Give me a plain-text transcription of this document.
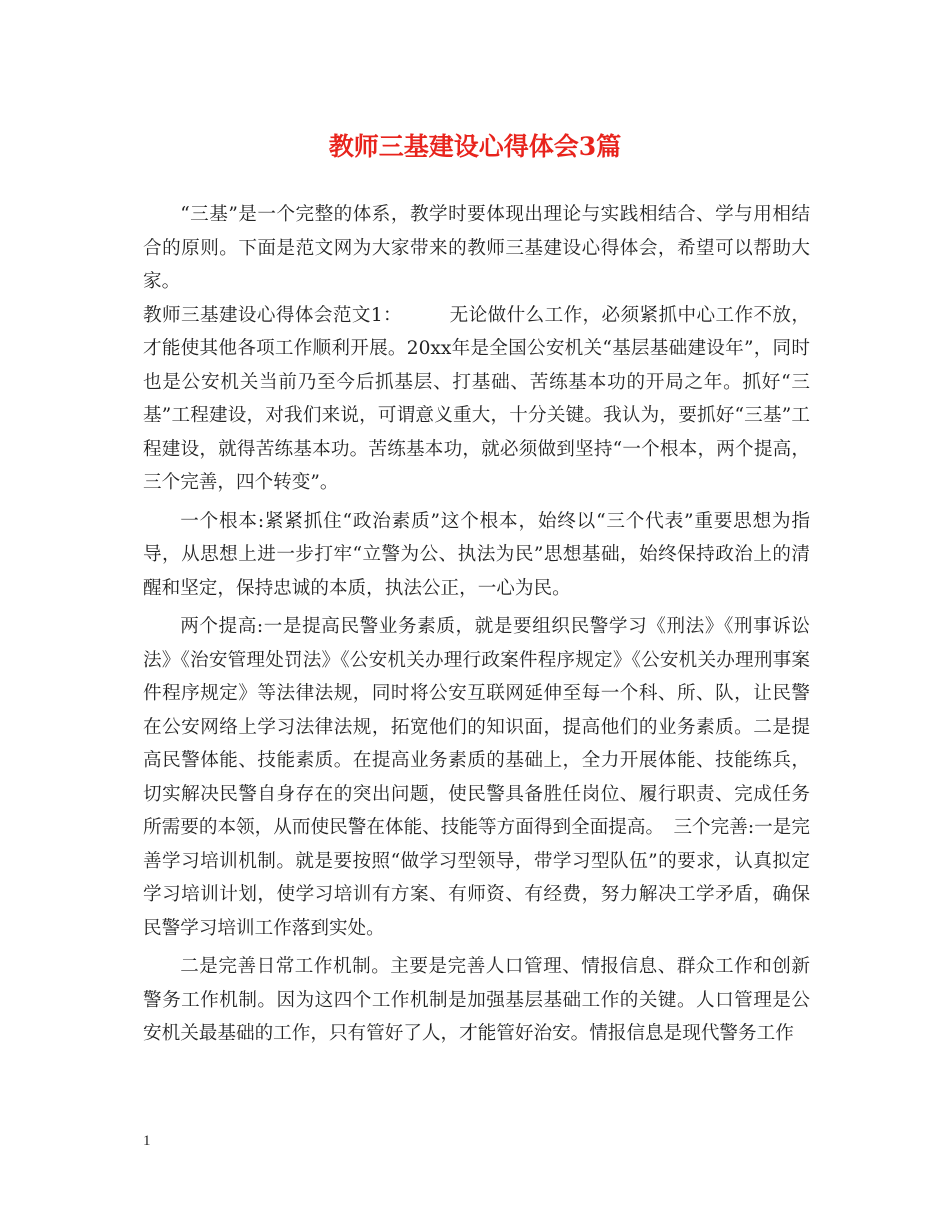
教师三基建设心得体会3篇

“三基”是一个完整的体系，教学时要体现出理论与实践相结合、学与用相结合的原则。下面是范文网为大家带来的教师三基建设心得体会，希望可以帮助大家。

教师三基建设心得体会范文1：　　　无论做什么工作，必须紧抓中心工作不放，才能使其他各项工作顺利开展。20xx年是全国公安机关“基层基础建设年”，同时也是公安机关当前乃至今后抓基层、打基础、苦练基本功的开局之年。抓好“三基”工程建设，对我们来说，可谓意义重大，十分关键。我认为，要抓好“三基”工程建设，就得苦练基本功。苦练基本功，就必须做到坚持“一个根本，两个提高，三个完善，四个转变”。

一个根本:紧紧抓住“政治素质”这个根本，始终以“三个代表”重要思想为指导，从思想上进一步打牢“立警为公、执法为民”思想基础，始终保持政治上的清醒和坚定，保持忠诚的本质，执法公正，一心为民。

两个提高:一是提高民警业务素质，就是要组织民警学习《刑法》《刑事诉讼法》《治安管理处罚法》《公安机关办理行政案件程序规定》《公安机关办理刑事案件程序规定》等法律法规，同时将公安互联网延伸至每一个科、所、队，让民警在公安网络上学习法律法规，拓宽他们的知识面，提高他们的业务素质。二是提高民警体能、技能素质。在提高业务素质的基础上，全力开展体能、技能练兵，切实解决民警自身存在的突出问题，使民警具备胜任岗位、履行职责、完成任务所需要的本领，从而使民警在体能、技能等方面得到全面提高。　三个完善:一是完善学习培训机制。就是要按照“做学习型领导，带学习型队伍”的要求，认真拟定学习培训计划，使学习培训有方案、有师资、有经费，努力解决工学矛盾，确保民警学习培训工作落到实处。

二是完善日常工作机制。主要是完善人口管理、情报信息、群众工作和创新警务工作机制。因为这四个工作机制是加强基层基础工作的关键。人口管理是公安机关最基础的工作，只有管好了人，才能管好治安。情报信息是现代警务工作

1
